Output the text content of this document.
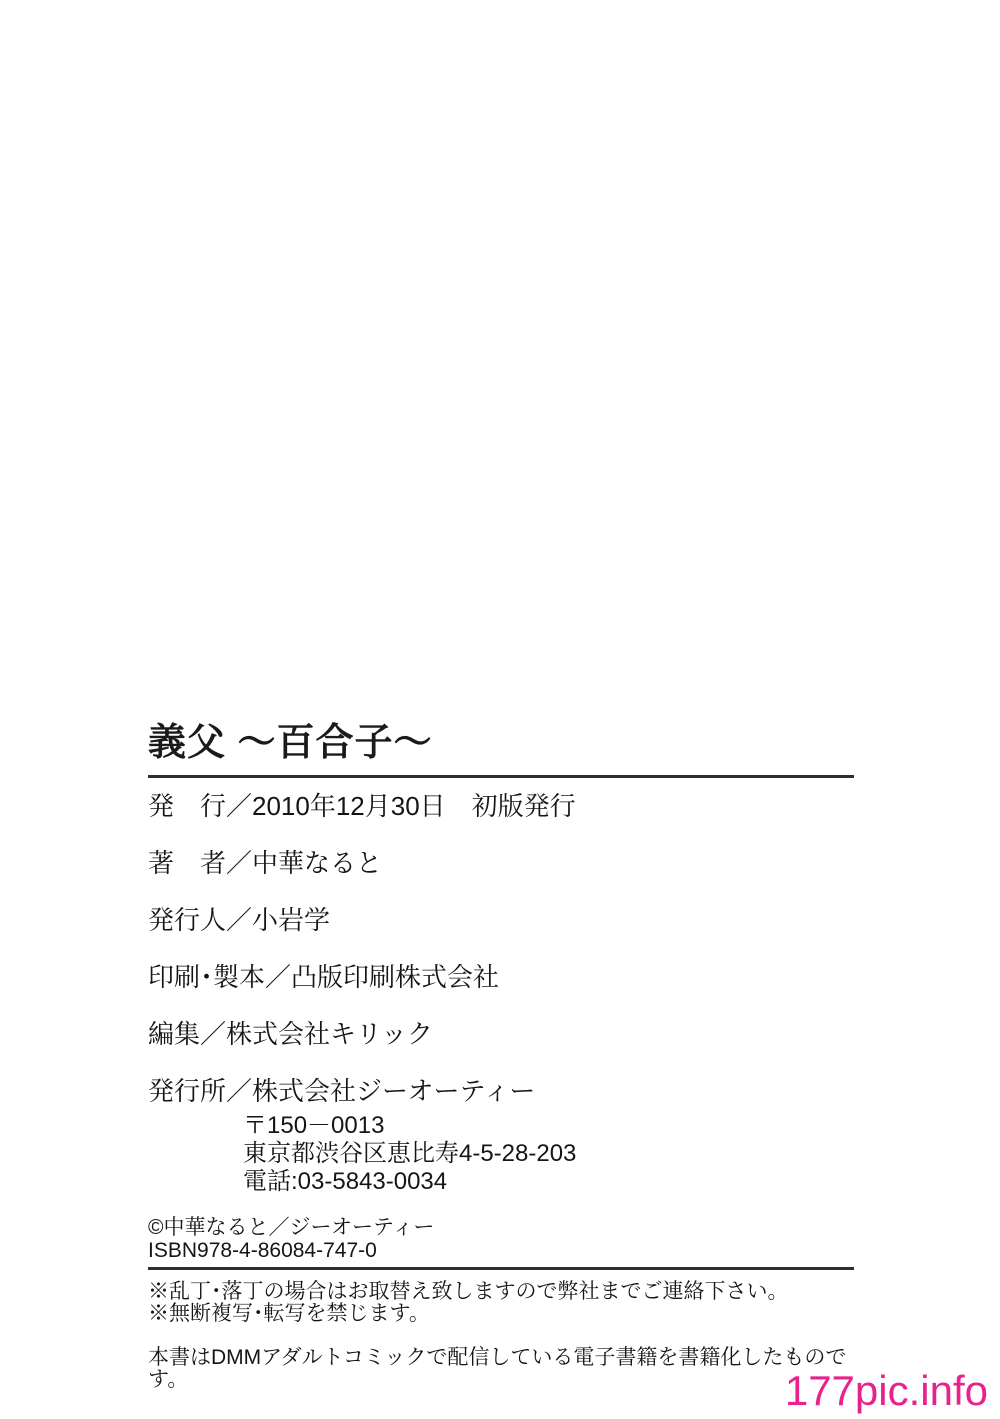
義父 ～百合子～
発　行／2010年12月30日　初版発行
著　者／中華なると
発行人／小岩学
印刷･製本／凸版印刷株式会社
編集／株式会社キリック
発行所／株式会社ジーオーティー
〒150－0013
東京都渋谷区恵比寿4-5-28-203
電話:03-5843-0034
©中華なると／ジーオーティー
ISBN978-4-86084-747-0
※乱丁･落丁の場合はお取替え致しますので弊社までご連絡下さい。
※無断複写･転写を禁じます。
本書はDMMアダルトコミックで配信している電子書籍を書籍化したものです。	177pic.info
